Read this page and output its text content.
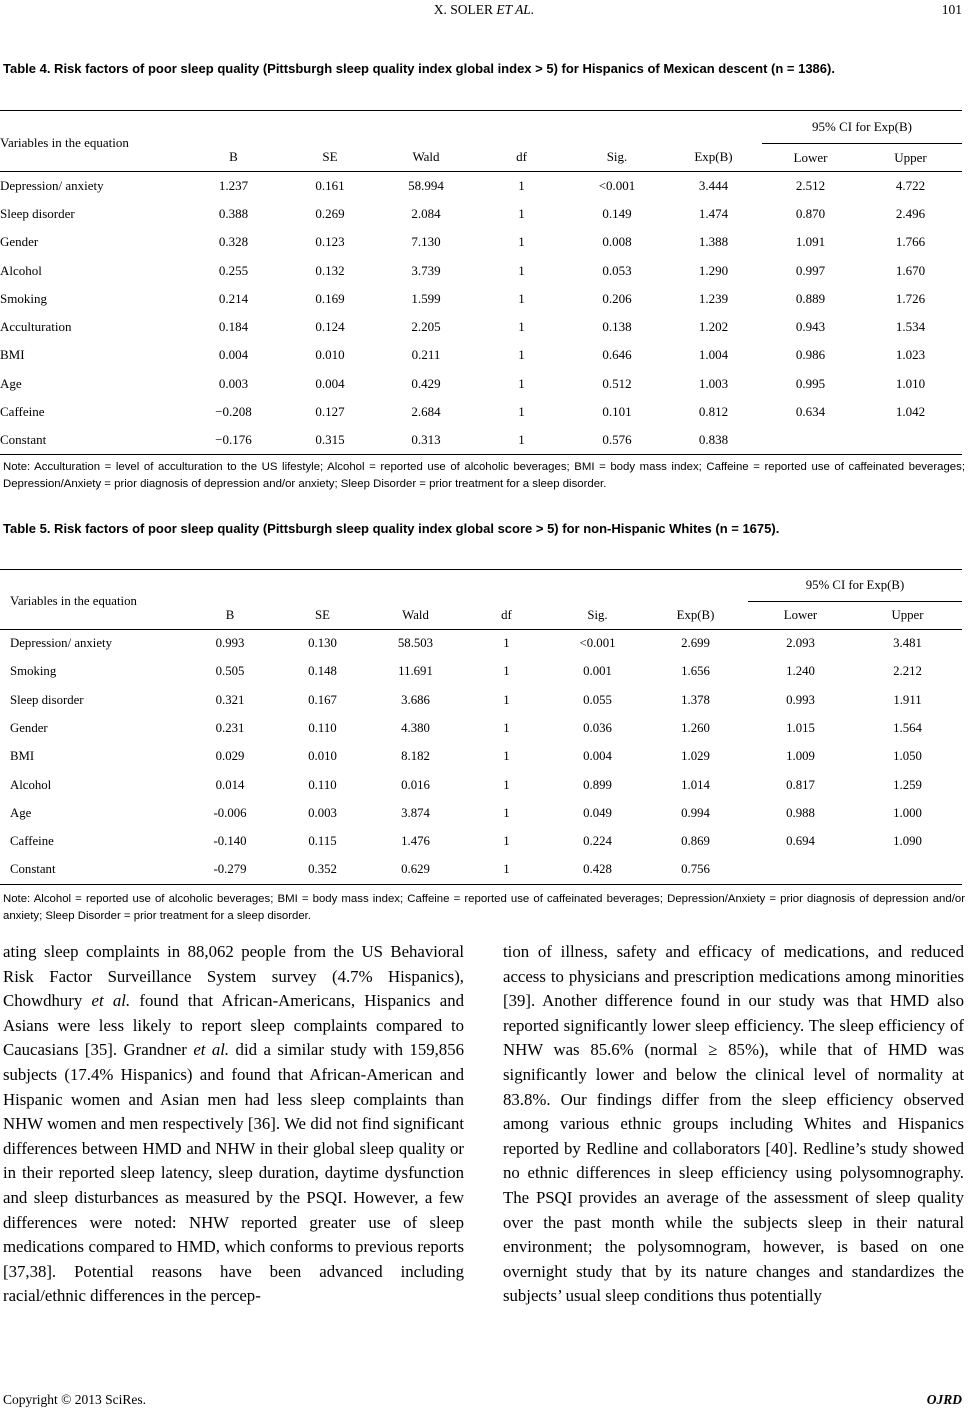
X. SOLER ET AL.	101
Table 4. Risk factors of poor sleep quality (Pittsburgh sleep quality index global index > 5) for Hispanics of Mexican descent (n = 1386).
Variables in the equation							95% CI for Exp(B)	
	B	SE	Wald	df	Sig.	Exp(B)	Lower	Upper
Depression/ anxiety	1.237	0.161	58.994	1	<0.001	3.444	2.512	4.722
Sleep disorder	0.388	0.269	2.084	1	0.149	1.474	0.870	2.496
Gender	0.328	0.123	7.130	1	0.008	1.388	1.091	1.766
Alcohol	0.255	0.132	3.739	1	0.053	1.290	0.997	1.670
Smoking	0.214	0.169	1.599	1	0.206	1.239	0.889	1.726
Acculturation	0.184	0.124	2.205	1	0.138	1.202	0.943	1.534
BMI	0.004	0.010	0.211	1	0.646	1.004	0.986	1.023
Age	0.003	0.004	0.429	1	0.512	1.003	0.995	1.010
Caffeine	−0.208	0.127	2.684	1	0.101	0.812	0.634	1.042
Constant	−0.176	0.315	0.313	1	0.576	0.838		
Note: Acculturation = level of acculturation to the US lifestyle; Alcohol = reported use of alcoholic beverages; BMI = body mass index; Caffeine = reported use of caffeinated beverages; Depression/Anxiety = prior diagnosis of depression and/or anxiety; Sleep Disorder = prior treatment for a sleep disorder.
Table 5. Risk factors of poor sleep quality (Pittsburgh sleep quality index global score > 5) for non-Hispanic Whites (n = 1675).
Variables in the equation							95% CI for Exp(B)	
	B	SE	Wald	df	Sig.	Exp(B)	Lower	Upper
Depression/ anxiety	0.993	0.130	58.503	1	<0.001	2.699	2.093	3.481
Smoking	0.505	0.148	11.691	1	0.001	1.656	1.240	2.212
Sleep disorder	0.321	0.167	3.686	1	0.055	1.378	0.993	1.911
Gender	0.231	0.110	4.380	1	0.036	1.260	1.015	1.564
BMI	0.029	0.010	8.182	1	0.004	1.029	1.009	1.050
Alcohol	0.014	0.110	0.016	1	0.899	1.014	0.817	1.259
Age	-0.006	0.003	3.874	1	0.049	0.994	0.988	1.000
Caffeine	-0.140	0.115	1.476	1	0.224	0.869	0.694	1.090
Constant	-0.279	0.352	0.629	1	0.428	0.756		
Note: Alcohol = reported use of alcoholic beverages; BMI = body mass index; Caffeine = reported use of caffeinated beverages; Depression/Anxiety = prior diagnosis of depression and/or anxiety; Sleep Disorder = prior treatment for a sleep disorder.
ating sleep complaints in 88,062 people from the US Behavioral Risk Factor Surveillance System survey (4.7% Hispanics), Chowdhury et al. found that African-Americans, Hispanics and Asians were less likely to report sleep complaints compared to Caucasians [35]. Grandner et al. did a similar study with 159,856 subjects (17.4% Hispanics) and found that African-American and Hispanic women and Asian men had less sleep complaints than NHW women and men respectively [36]. We did not find significant differences between HMD and NHW in their global sleep quality or in their reported sleep latency, sleep duration, daytime dysfunction and sleep disturbances as measured by the PSQI. However, a few differences were noted: NHW reported greater use of sleep medications compared to HMD, which conforms to previous reports [37,38]. Potential reasons have been advanced including racial/ethnic differences in the percep-
tion of illness, safety and efficacy of medications, and reduced access to physicians and prescription medications among minorities [39]. Another difference found in our study was that HMD also reported significantly lower sleep efficiency. The sleep efficiency of NHW was 85.6% (normal ≥ 85%), while that of HMD was significantly lower and below the clinical level of normality at 83.8%. Our findings differ from the sleep efficiency observed among various ethnic groups including Whites and Hispanics reported by Redline and collaborators [40]. Redline’s study showed no ethnic differences in sleep efficiency using polysomnography. The PSQI provides an average of the assessment of sleep quality over the past month while the subjects sleep in their natural environment; the polysomnogram, however, is based on one overnight study that by its nature changes and standardizes the subjects’ usual sleep conditions thus potentially
Copyright © 2013 SciRes.	OJRD
